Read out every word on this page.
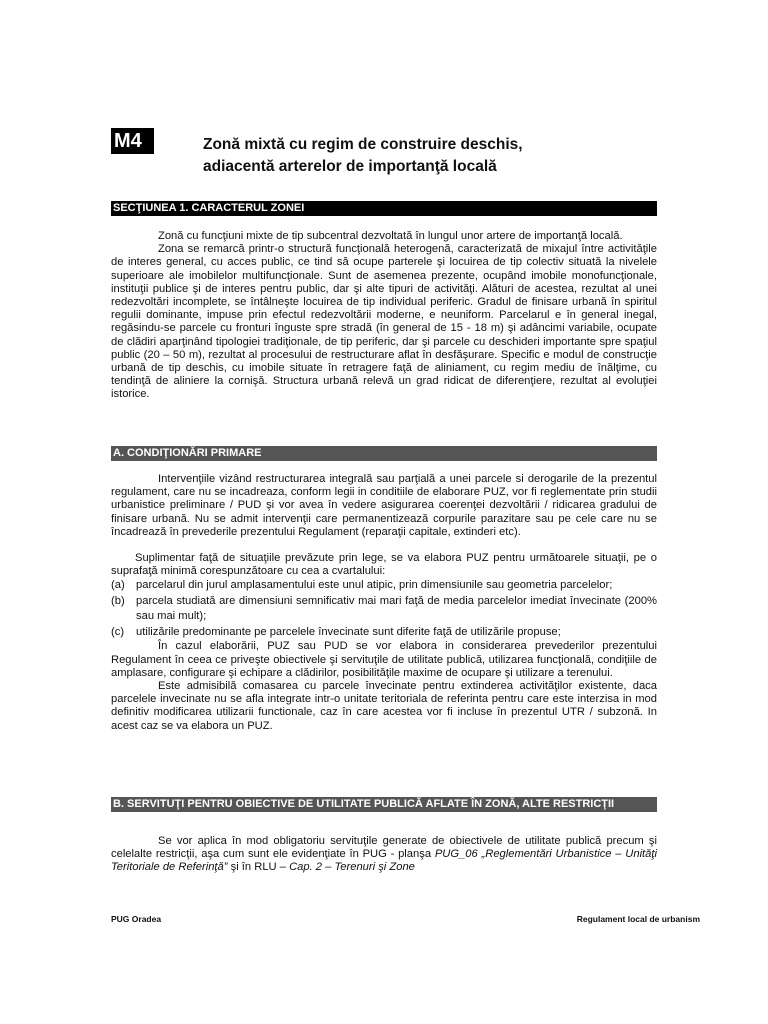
M4	Zonă mixtă cu regim de construire deschis,
adiacentă arterelor de importanţă locală
SECŢIUNEA 1. CARACTERUL ZONEI

Zonă cu funcţiuni mixte de tip subcentral dezvoltată în lungul unor artere de importanţă locală.

Zona se remarcă printr-o structură funcţională heterogenă, caracterizată de mixajul între activităţile de interes general, cu acces public, ce tind să ocupe parterele şi locuirea de tip colectiv situată la nivelele superioare ale imobilelor multifuncţionale. Sunt de asemenea prezente, ocupând imobile monofuncţionale, instituţii publice şi de interes pentru public, dar şi alte tipuri de activităţi. Alături de acestea, rezultat al unei redezvoltări incomplete, se întâlneşte locuirea de tip individual periferic. Gradul de finisare urbană în spiritul regulii dominante, impuse prin efectul redezvoltării moderne, e neuniform. Parcelarul e în general inegal, regăsindu-se parcele cu fronturi înguste spre stradă (în general de 15 - 18 m) şi adâncimi variabile, ocupate de clădiri aparţinând tipologiei tradiţionale, de tip periferic, dar şi parcele cu deschideri importante spre spaţiul public (20 – 50 m), rezultat al procesului de restructurare aflat în desfăşurare. Specific e modul de construcţie urbană de tip deschis, cu imobile situate în retragere faţă de aliniament, cu regim mediu de înălţime, cu tendinţă de aliniere la cornişă. Structura urbană relevă un grad ridicat de diferenţiere, rezultat al evoluţiei istorice.

A. CONDIŢIONĂRI PRIMARE

Intervenţiile vizând restructurarea integrală sau parţială a unei parcele si derogarile de la prezentul regulament, care nu se incadreaza, conform legii in conditiile de elaborare PUZ, vor fi reglementate prin studii urbanistice preliminare / PUD şi vor avea în vedere asigurarea coerenţei dezvoltării / ridicarea gradului de finisare urbană. Nu se admit intervenţii care permanentizează corpurile parazitare sau pe cele care nu se încadrează în prevederile prezentului Regulament (reparaţii capitale, extinderi etc).

Suplimentar faţă de situaţiile prevăzute prin lege, se va elabora PUZ pentru următoarele situaţii, pe o suprafaţă minimă corespunzătoare cu cea a cvartalului:

(a) parcelarul din jurul amplasamentului este unul atipic, prin dimensiunile sau geometria parcelelor;
(b) parcela studiată are dimensiuni semnificativ mai mari faţă de media parcelelor imediat învecinate (200% sau mai mult);
(c) utilizările predominante pe parcelele învecinate sunt diferite faţă de utilizările propuse;

În cazul elaborării, PUZ sau PUD se vor elabora in considerarea prevederilor prezentului Regulament în ceea ce priveşte obiectivele şi servituţile de utilitate publică, utilizarea funcţională, condiţiile de amplasare, configurare şi echipare a clădirilor, posibilităţile maxime de ocupare şi utilizare a terenului.

Este admisibilă comasarea cu parcele învecinate pentru extinderea activităţilor existente, daca parcelele invecinate nu se afla integrate intr-o unitate teritoriala de referinta pentru care este interzisa in mod definitiv modificarea utilizarii functionale, caz în care acestea vor fi incluse în prezentul UTR / subzonă. In acest caz se va elabora un PUZ.

B. SERVITUŢI PENTRU OBIECTIVE DE UTILITATE PUBLICĂ AFLATE ÎN ZONĂ, ALTE RESTRICŢII

Se vor aplica în mod obligatoriu servituţile generate de obiectivele de utilitate publică precum şi celelalte restricţii, aşa cum sunt ele evidenţiate în PUG - planşa PUG_06 „Reglementări Urbanistice – Unităţi Teritoriale de Referinţă” şi în RLU – Cap. 2 – Terenuri şi Zone

PUG Oradea	Regulament local de urbanism
